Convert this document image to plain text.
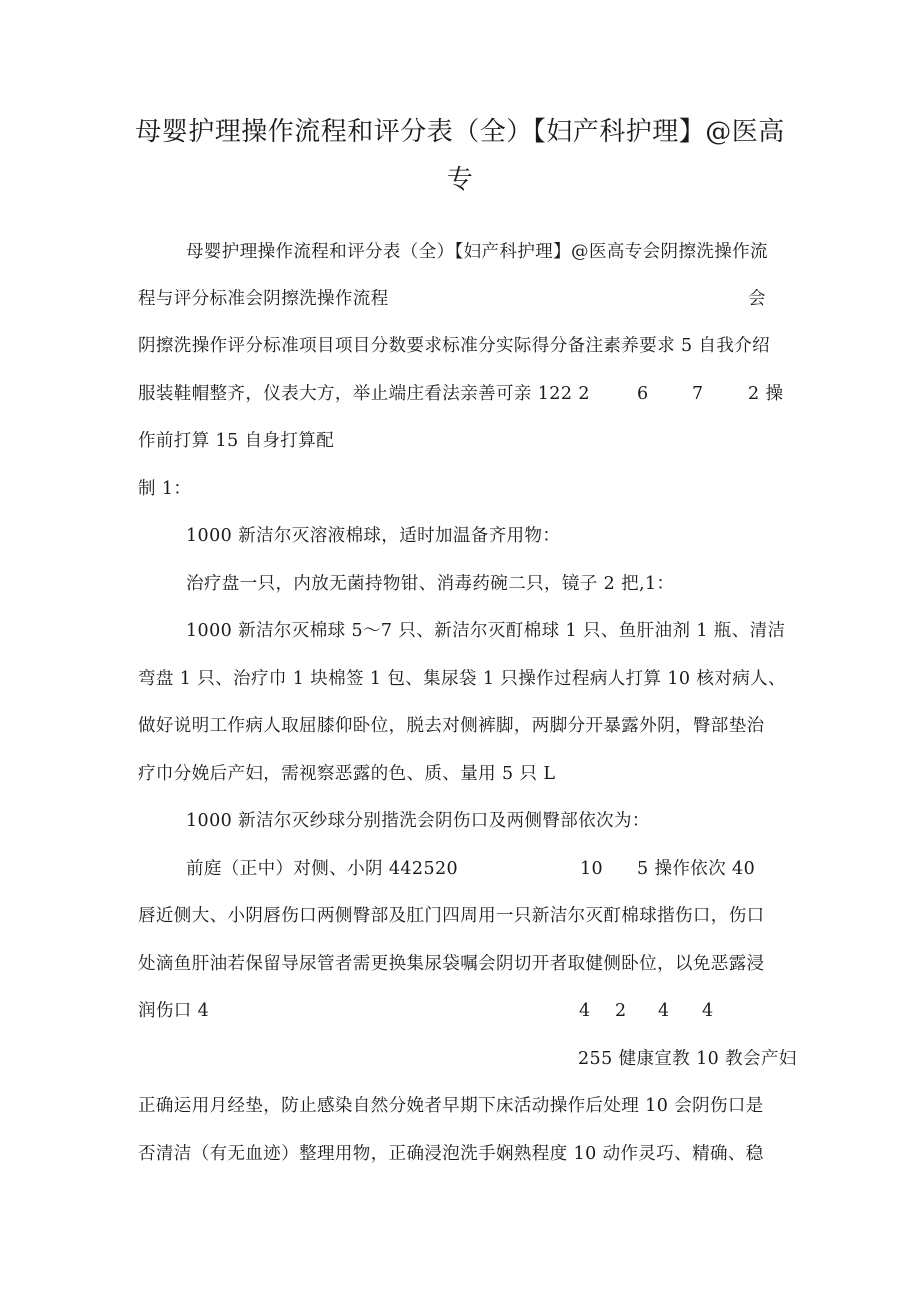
母婴护理操作流程和评分表（全）【妇产科护理】@医高
专
母婴护理操作流程和评分表（全）【妇产科护理】@医高专会阴擦洗操作流
程与评分标准会阴擦洗操作流程	会
阴擦洗操作评分标准项目项目分数要求标准分实际得分备注素养要求 5 自我介绍
服装鞋帽整齐，仪表大方，举止端庄看法亲善可亲 122 2	6 7	2 操
作前打算 15 自身打算配
制 1：
1000 新洁尔灭溶液棉球，适时加温备齐用物：
治疗盘一只，内放无菌持物钳、消毒药碗二只，镜子 2 把,1：
1000 新洁尔灭棉球 5～7 只、新洁尔灭酊棉球 1 只、鱼肝油剂 1 瓶、清洁
弯盘 1 只、治疗巾 1 块棉签 1 包、集尿袋 1 只操作过程病人打算 10 核对病人、
做好说明工作病人取屈膝仰卧位，脱去对侧裤脚，两脚分开暴露外阴，臀部垫治
疗巾分娩后产妇，需视察恶露的色、质、量用 5 只 L
1000 新洁尔灭纱球分别揩洗会阴伤口及两侧臀部依次为：
前庭（正中）对侧、小阴 442520	10 5 操作依次 40
唇近侧大、小阴唇伤口两侧臀部及肛门四周用一只新洁尔灭酊棉球揩伤口，伤口
处滴鱼肝油若保留导尿管者需更换集尿袋嘱会阴切开者取健侧卧位，以免恶露浸
润伤口 4	4 2 4 4
255 健康宣教 10 教会产妇
正确运用月经垫，防止感染自然分娩者早期下床活动操作后处理 10 会阴伤口是
否清洁（有无血迹）整理用物，正确浸泡洗手娴熟程度 10 动作灵巧、精确、稳
